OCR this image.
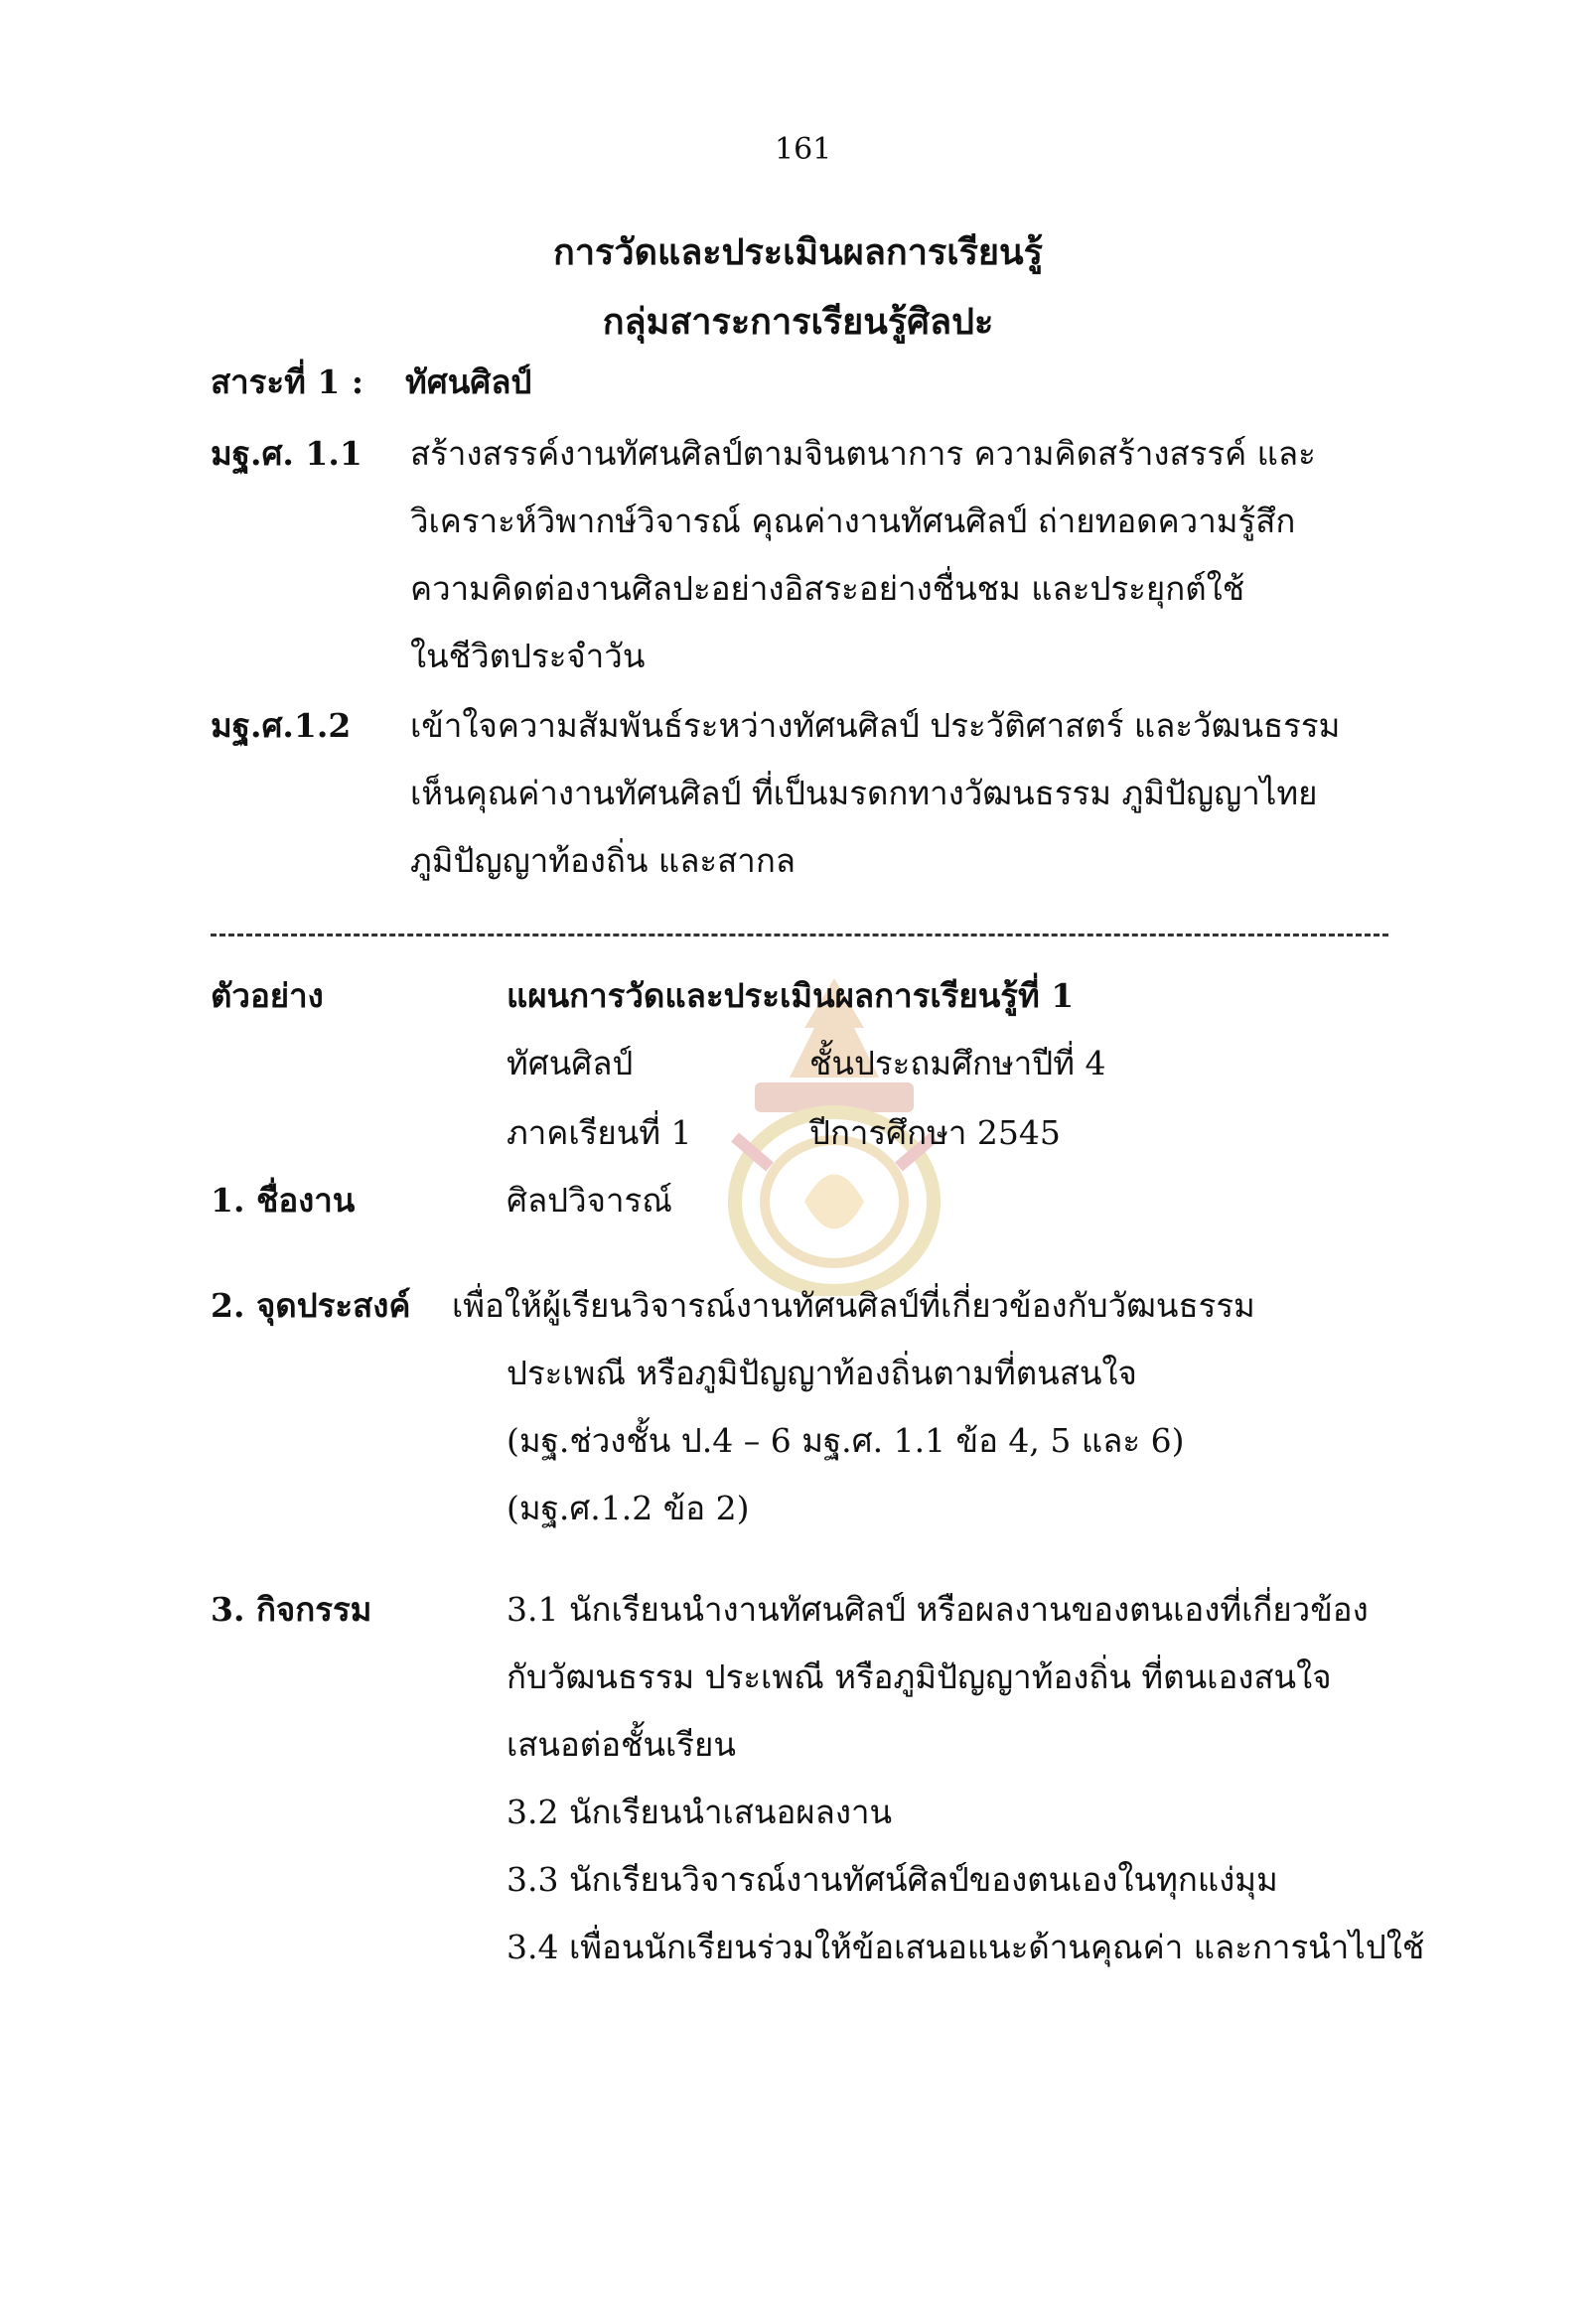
161
การวัดและประเมินผลการเรียนรู้
กลุ่มสาระการเรียนรู้ศิลปะ
สาระที่ 1 : ทัศนศิลป์
มฐ.ศ. 1.1 สร้างสรรค์งานทัศนศิลป์ตามจินตนาการ ความคิดสร้างสรรค์ และ
วิเคราะห์วิพากษ์วิจารณ์ คุณค่างานทัศนศิลป์ ถ่ายทอดความรู้สึก
ความคิดต่องานศิลปะอย่างอิสระอย่างชื่นชม และประยุกต์ใช้
ในชีวิตประจำวัน
มฐ.ศ.1.2 เข้าใจความสัมพันธ์ระหว่างทัศนศิลป์ ประวัติศาสตร์ และวัฒนธรรม
เห็นคุณค่างานทัศนศิลป์ ที่เป็นมรดกทางวัฒนธรรม ภูมิปัญญาไทย
ภูมิปัญญาท้องถิ่น และสากล
ตัวอย่าง	แผนการวัดและประเมินผลการเรียนรู้ที่ 1
ทัศนศิลป์	ชั้นประถมศึกษาปีที่ 4
ภาคเรียนที่ 1	ปีการศึกษา 2545
1. ชื่องาน	ศิลปวิจารณ์
2. จุดประสงค์ เพื่อให้ผู้เรียนวิจารณ์งานทัศนศิลป์ที่เกี่ยวข้องกับวัฒนธรรม
ประเพณี หรือภูมิปัญญาท้องถิ่นตามที่ตนสนใจ
(มฐ.ช่วงชั้น ป.4 – 6 มฐ.ศ. 1.1 ข้อ 4, 5 และ 6)
(มฐ.ศ.1.2 ข้อ 2)
3. กิจกรรม	3.1 นักเรียนนำงานทัศนศิลป์ หรือผลงานของตนเองที่เกี่ยวข้อง
กับวัฒนธรรม ประเพณี หรือภูมิปัญญาท้องถิ่น ที่ตนเองสนใจ
เสนอต่อชั้นเรียน
3.2 นักเรียนนำเสนอผลงาน
3.3 นักเรียนวิจารณ์งานทัศน์ศิลป์ของตนเองในทุกแง่มุม
3.4 เพื่อนนักเรียนร่วมให้ข้อเสนอแนะด้านคุณค่า และการนำไปใช้
